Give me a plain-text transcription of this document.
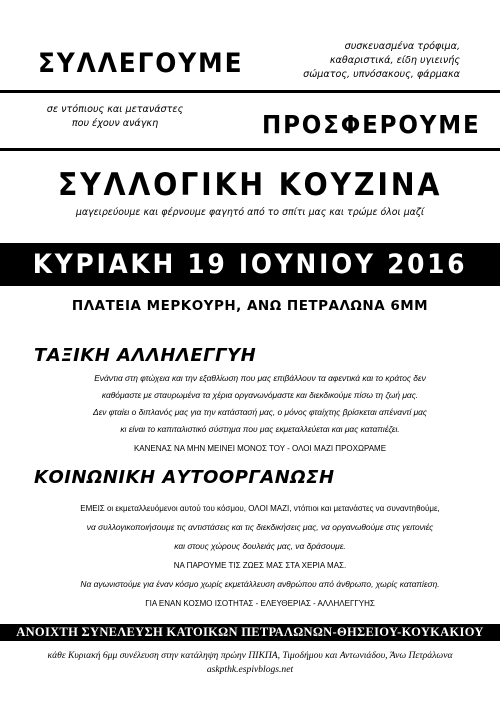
ΣΥΛΛΕΓΟΥΜΕ
συσκευασμένα τρόφιμα,
καθαριστικά, είδη υγιεινής
σώματος, υπνόσακους, φάρμακα
σε ντόπιους και μετανάστες
που έχουν ανάγκη	ΠΡΟΣΦΕΡΟΥΜΕ
ΣΥΛΛΟΓΙΚΗ ΚΟΥΖΙΝΑ
μαγειρεύουμε και φέρνουμε φαγητό από το σπίτι μας και τρώμε όλοι μαζί
ΚΥΡΙΑΚΗ 19 ΙΟΥΝΙΟΥ 2016
ΠΛΑΤΕΙΑ ΜΕΡΚΟΥΡΗ, ΑΝΩ ΠΕΤΡΑΛΩΝΑ 6ΜΜ
ΤΑΞΙΚΗ ΑΛΛΗΛΕΓΓΥΗ
Ενάντια στη φτώχεια και την εξαθλίωση που μας επιβάλλουν τα αφεντικά και το κράτος δεν
καθόμαστε με σταυρωμένα τα χέρια οργανωνόμαστε και διεκδικούμε πίσω τη ζωή μας.
Δεν φταίει ο διπλανός μας για την κατάστασή μας, ο μόνος φταίχτης βρίσκεται απέναντί μας
κι είναι το καπιταλιστικό σύστημα που μας εκμεταλλεύεται και μας καταπιέζει.
ΚΑΝΕΝΑΣ ΝΑ ΜΗΝ ΜΕΙΝΕΙ ΜΟΝΟΣ ΤΟΥ - ΟΛΟΙ ΜΑΖΙ ΠΡΟΧΩΡΑΜΕ
ΚΟΙΝΩΝΙΚΗ ΑΥΤΟΟΡΓΑΝΩΣΗ
ΕΜΕΙΣ οι εκμεταλλευόμενοι αυτού του κόσμου, ΟΛΟΙ ΜΑΖΙ, ντόπιοι και μετανάστες να συναντηθούμε,
να συλλογικοποιήσουμε τις αντιστάσεις και τις διεκδικήσεις μας, να οργανωθούμε στις γειτονιές
και στους χώρους δουλειάς μας, να δράσουμε.
ΝΑ ΠΑΡΟΥΜΕ ΤΙΣ ΖΩΕΣ ΜΑΣ ΣΤΑ ΧΕΡΙΑ ΜΑΣ.
Να αγωνιστούμε για έναν κόσμο χωρίς εκμετάλλευση ανθρώπου από άνθρωπο, χωρίς καταπίεση.
ΓΙΑ ΕΝΑΝ ΚΟΣΜΟ ΙΣΟΤΗΤΑΣ - ΕΛΕΥΘΕΡΙΑΣ - ΑΛΛΗΛΕΓΓΥΗΣ
ΑΝΟΙΧΤΗ ΣΥΝΕΛΕΥΣΗ ΚΑΤΟΙΚΩΝ ΠΕΤΡΑΛΩΝΩΝ-ΘΗΣΕΙΟΥ-ΚΟΥΚΑΚΙΟΥ
κάθε Κυριακή 6μμ συνέλευση στην κατάληψη πρώην ΠΙΚΠΑ, Τιμοδήμου και Αντωνιάδου, Άνω Πετράλωνα
askpthk.espivblogs.net
